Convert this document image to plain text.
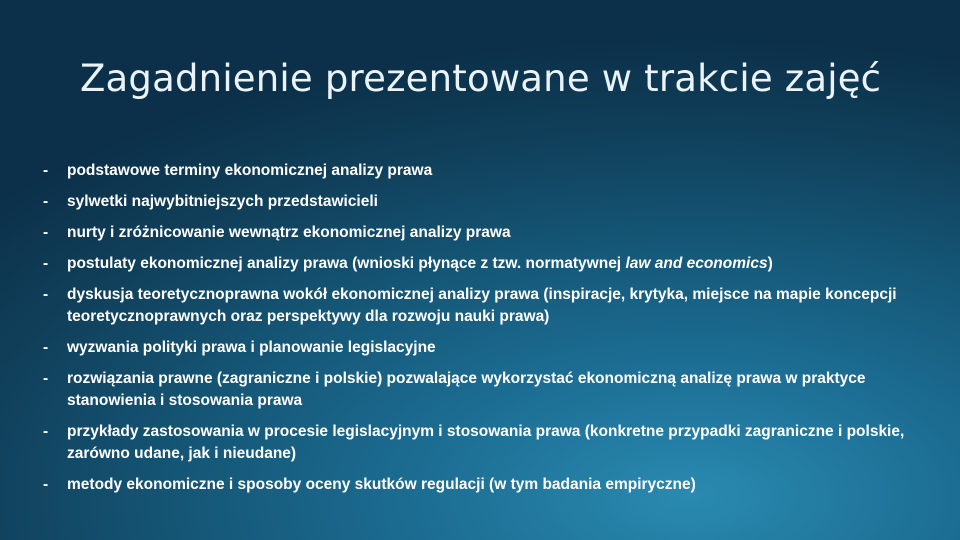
Zagadnienie prezentowane w trakcie zajęć
-	podstawowe terminy ekonomicznej analizy prawa
-	sylwetki najwybitniejszych przedstawicieli
-	nurty i zróżnicowanie wewnątrz ekonomicznej analizy prawa
-	postulaty ekonomicznej analizy prawa (wnioski płynące z tzw. normatywnej law and economics)
-	dyskusja teoretycznoprawna wokół ekonomicznej analizy prawa (inspiracje, krytyka, miejsce na mapie koncepcji teoretycznoprawnych oraz perspektywy dla rozwoju nauki prawa)
-	wyzwania polityki prawa i planowanie legislacyjne
-	rozwiązania prawne (zagraniczne i polskie) pozwalające wykorzystać ekonomiczną analizę prawa w praktyce stanowienia i stosowania prawa
-	przykłady zastosowania w procesie legislacyjnym i stosowania prawa (konkretne przypadki zagraniczne i polskie, zarówno udane, jak i nieudane)
-	metody ekonomiczne i sposoby oceny skutków regulacji (w tym badania empiryczne)
